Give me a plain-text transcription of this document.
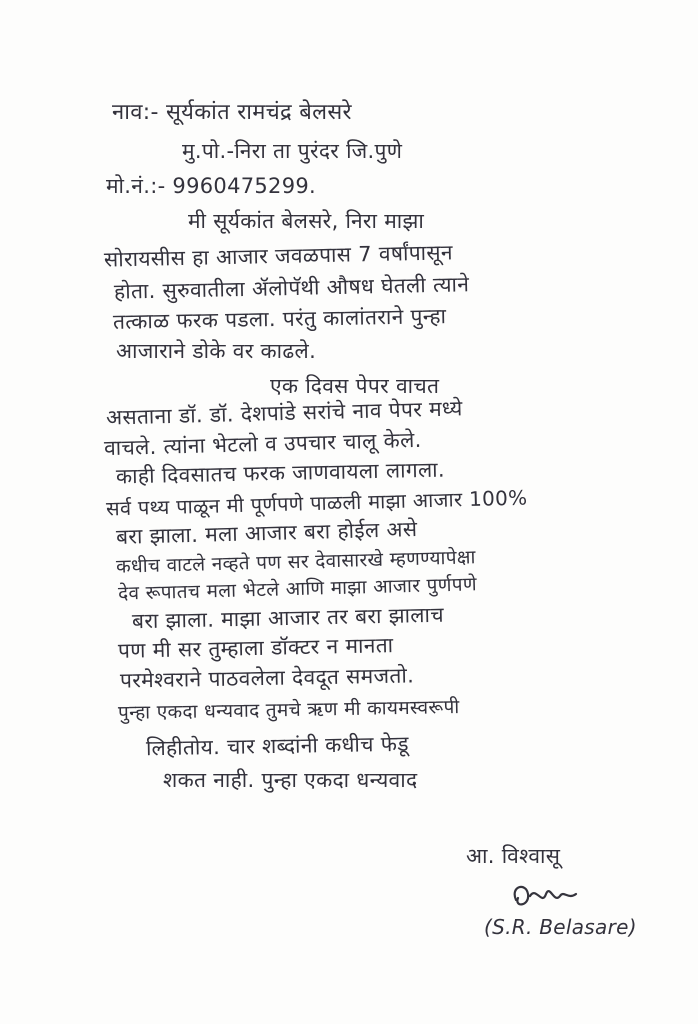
नाव:- सूर्यकांत रामचंद्र बेलसरे
मु.पो.-निरा ता पुरंदर जि.पुणे
मो.नं.:- 9960475299.
मी सूर्यकांत बेलसरे, निरा माझा
सोरायसीस हा आजार जवळपास 7 वर्षांपासून
होता. सुरुवातीला ॲलोपॅथी औषध घेतली त्याने
तत्काळ फरक पडला. परंतु कालांतराने पुन्हा
आजाराने डोके वर काढले.
एक दिवस पेपर वाचत
असताना डॉ. डॉ. देशपांडे सरांचे नाव पेपर मध्ये
वाचले. त्यांना भेटलो व उपचार चालू केले.
काही दिवसातच फरक जाणवायला लागला.
सर्व पथ्य पाळून मी पूर्णपणे पाळली माझा आजार 100%
बरा झाला. मला आजार बरा होईल असे
कधीच वाटले नव्हते पण सर देवासारखे म्हणण्यापेक्षा
देव रूपातच मला भेटले आणि माझा आजार पुर्णपणे
बरा झाला. माझा आजार तर बरा झालाच
पण मी सर तुम्हाला डॉक्टर न मानता
परमेश्वराने पाठवलेला देवदूत समजतो.
पुन्हा एकदा धन्यवाद तुमचे ऋण मी कायमस्वरूपी
लिहीतोय. चार शब्दांनी कधीच फेडू
शकत नाही. पुन्हा एकदा धन्यवाद
आ. विश्वासू
(S.R. Belasare)
